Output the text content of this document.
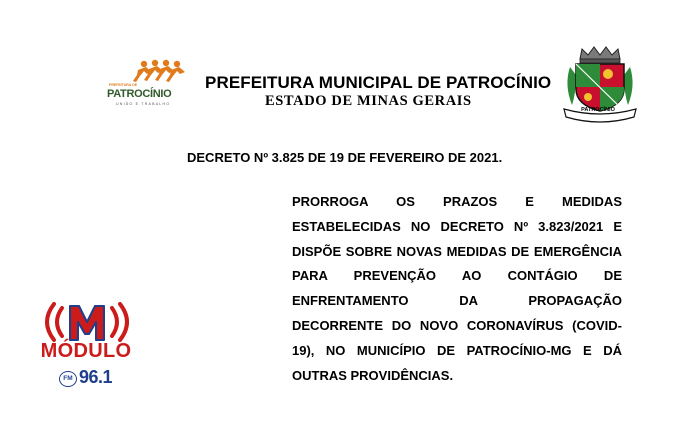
PREFEITURA DE
PATROCÍNIO
UNIÃO E TRABALHO
PREFEITURA MUNICIPAL DE PATROCÍNIO
ESTADO DE MINAS GERAIS
PATROCÍNIO
DECRETO Nº 3.825 DE 19 DE FEVEREIRO DE 2021.

PRORROGA OS PRAZOS E MEDIDAS ESTABELECIDAS NO DECRETO Nº 3.823/2021 E DISPÕE SOBRE NOVAS MEDIDAS DE EMERGÊNCIA PARA PREVENÇÃO AO CONTÁGIO DE ENFRENTAMENTO DA PROPAGAÇÃO DECORRENTE DO NOVO CORONAVÍRUS (COVID-19), NO MUNICÍPIO DE PATROCÍNIO-MG E DÁ OUTRAS PROVIDÊNCIAS.

MÓDULO
FM 96.1
